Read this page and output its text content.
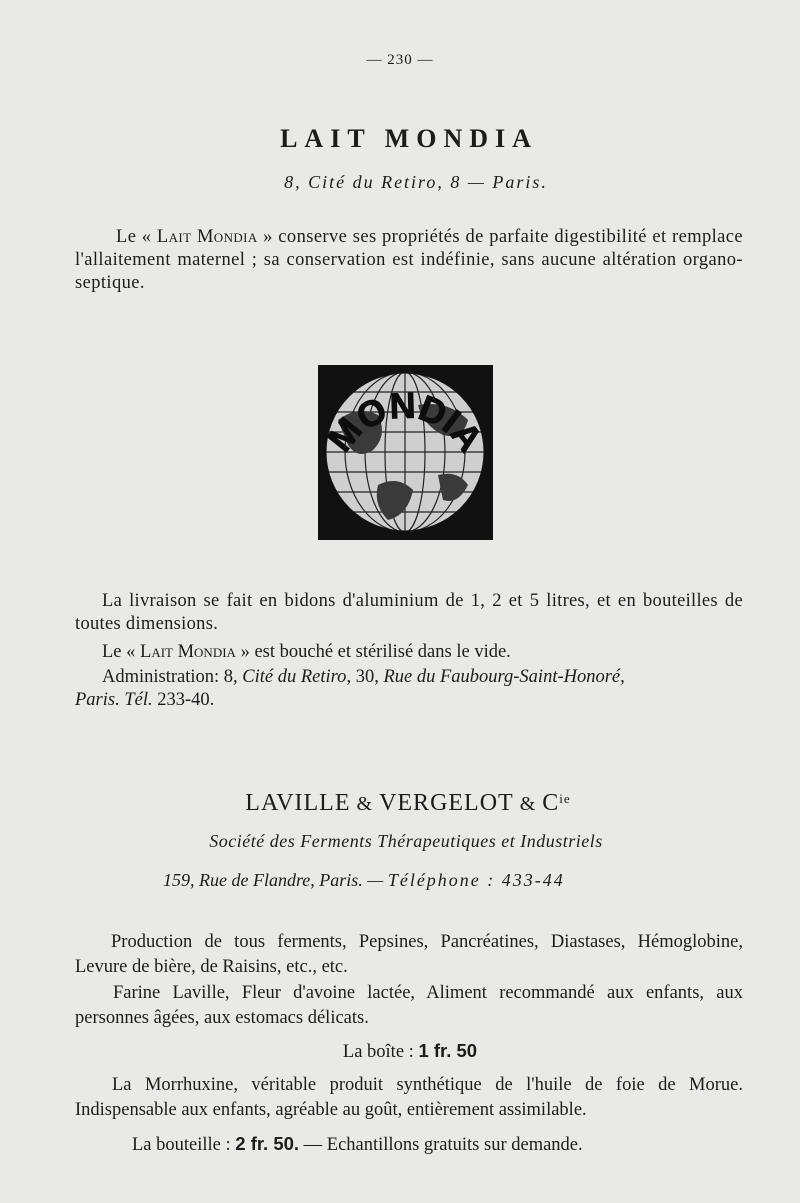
— 230 —
LAIT MONDIA
8, Cité du Retiro, 8 — Paris.
Le « Lait Mondia » conserve ses propriétés de parfaite digestibilité et remplace l'allaitement maternel ; sa conservation est indéfinie, sans aucune altération organo-septique.
MONDIA
La livraison se fait en bidons d'aluminium de 1, 2 et 5 litres, et en bouteilles de toutes dimensions.
Le « Lait Mondia » est bouché et stérilisé dans le vide.
Administration: 8, Cité du Retiro, 30, Rue du Faubourg-Saint-Honoré,
Paris. Tél. 233-40.
LAVILLE & VERGELOT & $C^{ie}$
Société des Ferments Thérapeutiques et Industriels
159, Rue de Flandre, Paris. — Téléphone : 433-44
Production de tous ferments, Pepsines, Pancréatines, Diastases, Hémoglobine, Levure de bière, de Raisins, etc., etc.
Farine Laville, Fleur d'avoine lactée, Aliment recommandé aux enfants, aux personnes âgées, aux estomacs délicats.
La boîte : 1 fr. 50
La Morrhuxine, véritable produit synthétique de l'huile de foie de Morue. Indispensable aux enfants, agréable au goût, entièrement assimilable.
La bouteille : 2 fr. 50. — Echantillons gratuits sur demande.
